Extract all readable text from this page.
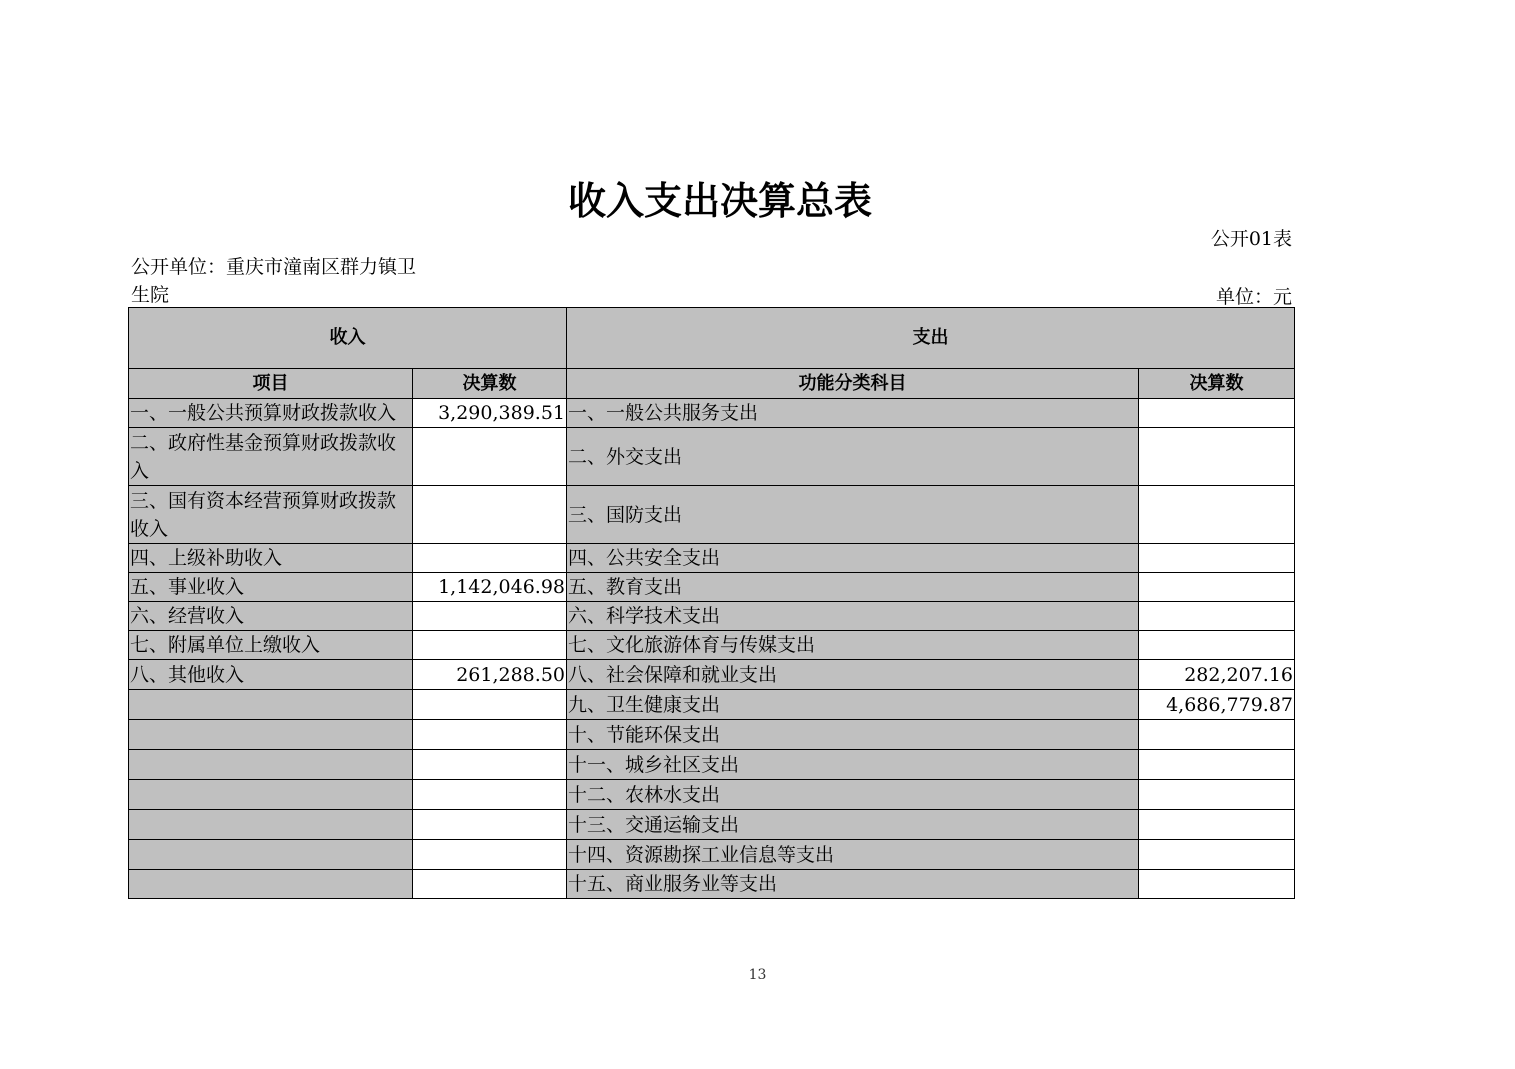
收入支出决算总表
公开01表
公开单位：重庆市潼南区群力镇卫生院	单位：元
收入		支出	
项目	决算数	功能分类科目	决算数
一、一般公共预算财政拨款收入	3,290,389.51	一、一般公共服务支出	
二、政府性基金预算财政拨款收入		二、外交支出	
三、国有资本经营预算财政拨款收入		三、国防支出	
四、上级补助收入		四、公共安全支出	
五、事业收入	1,142,046.98	五、教育支出	
六、经营收入		六、科学技术支出	
七、附属单位上缴收入		七、文化旅游体育与传媒支出	
八、其他收入	261,288.50	八、社会保障和就业支出	282,207.16
		九、卫生健康支出	4,686,779.87
		十、节能环保支出	
		十一、城乡社区支出	
		十二、农林水支出	
		十三、交通运输支出	
		十四、资源勘探工业信息等支出	
		十五、商业服务业等支出	
13
